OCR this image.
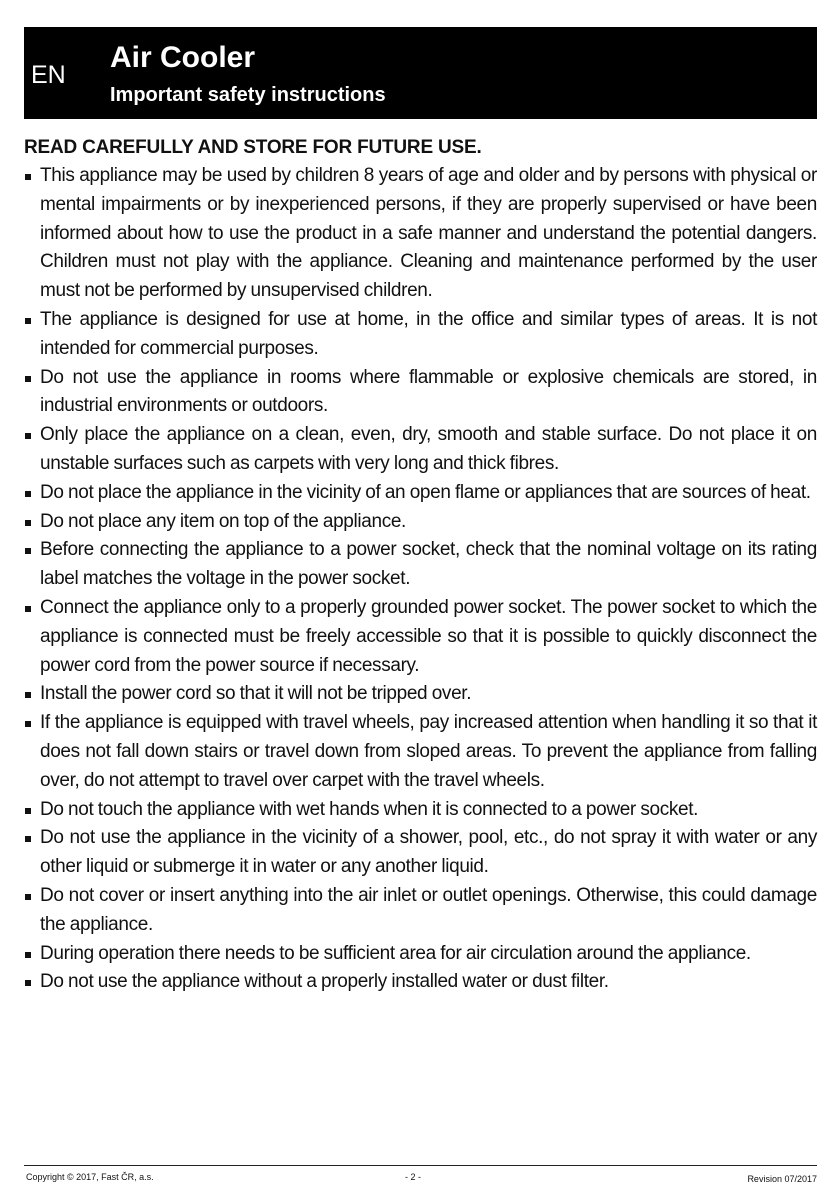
EN
Air Cooler
Important safety instructions
READ CAREFULLY AND STORE FOR FUTURE USE.
This appliance may be used by children 8 years of age and older and by persons with physical or mental impairments or by inexperienced persons, if they are properly supervised or have been informed about how to use the product in a safe manner and understand the potential dangers. Children must not play with the appliance. Cleaning and maintenance performed by the user must not be performed by unsupervised children.
The appliance is designed for use at home, in the office and similar types of areas. It is not intended for commercial purposes.
Do not use the appliance in rooms where flammable or explosive chemicals are stored, in industrial environments or outdoors.
Only place the appliance on a clean, even, dry, smooth and stable surface. Do not place it on unstable surfaces such as carpets with very long and thick fibres.
Do not place the appliance in the vicinity of an open flame or appliances that are sources of heat.
Do not place any item on top of the appliance.
Before connecting the appliance to a power socket, check that the nominal voltage on its rating label matches the voltage in the power socket.
Connect the appliance only to a properly grounded power socket. The power socket to which the appliance is connected must be freely accessible so that it is possible to quickly disconnect the power cord from the power source if necessary.
Install the power cord so that it will not be tripped over.
If the appliance is equipped with travel wheels, pay increased attention when handling it so that it does not fall down stairs or travel down from sloped areas. To prevent the appliance from falling over, do not attempt to travel over carpet with the travel wheels.
Do not touch the appliance with wet hands when it is connected to a power socket.
Do not use the appliance in the vicinity of a shower, pool, etc., do not spray it with water or any other liquid or submerge it in water or any another liquid.
Do not cover or insert anything into the air inlet or outlet openings. Otherwise, this could damage the appliance.
During operation there needs to be sufficient area for air circulation around the appliance.
Do not use the appliance without a properly installed water or dust filter.
Copyright © 2017, Fast ČR, a.s.	- 2 -	Revision 07/2017
